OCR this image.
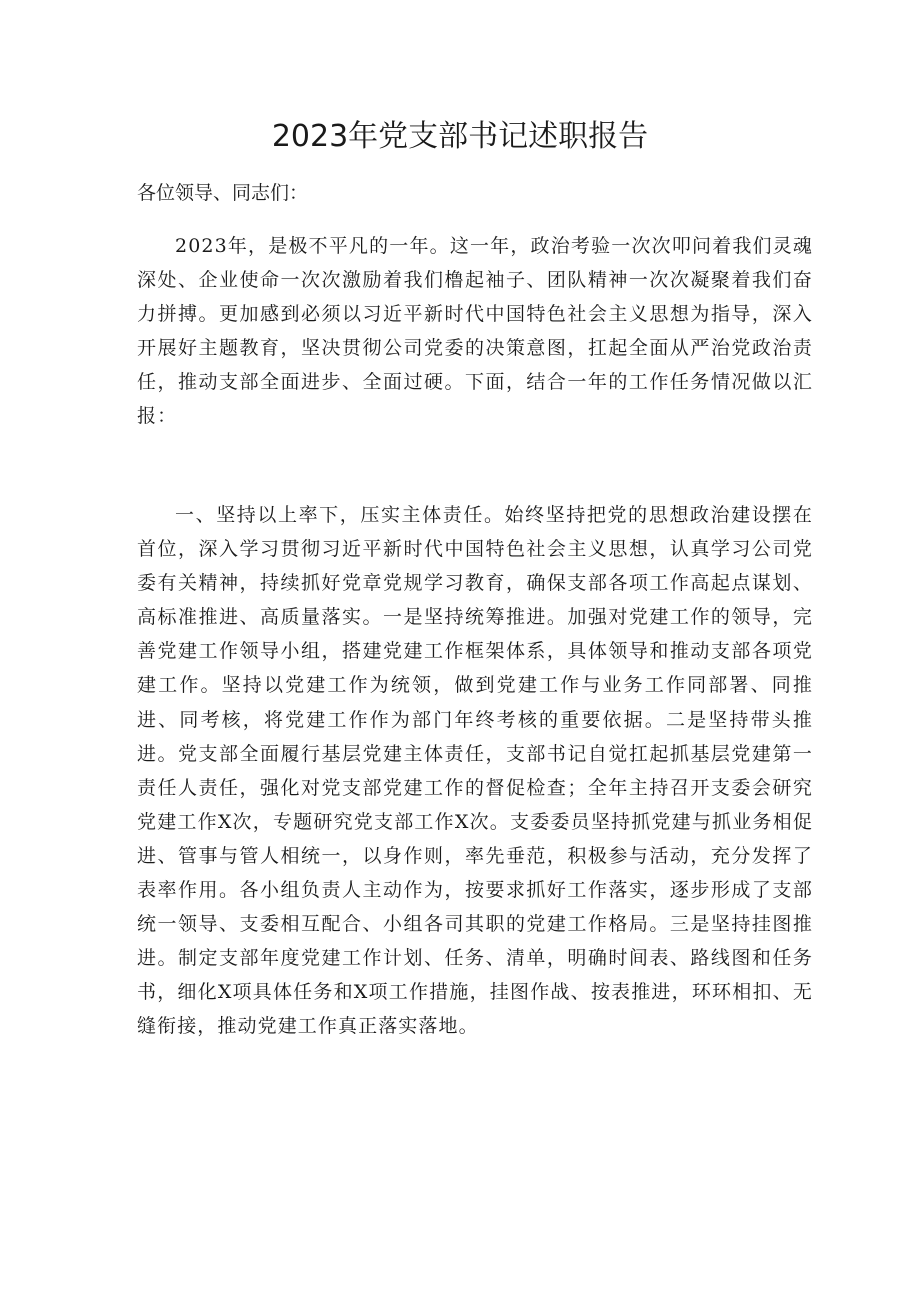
2023年党支部书记述职报告

各位领导、同志们：

2023年，是极不平凡的一年。这一年，政治考验一次次叩问着我们灵魂深处、企业使命一次次激励着我们橹起袖子、团队精神一次次凝聚着我们奋力拼搏。更加感到必须以习近平新时代中国特色社会主义思想为指导，深入开展好主题教育，坚决贯彻公司党委的决策意图，扛起全面从严治党政治责任，推动支部全面进步、全面过硬。下面，结合一年的工作任务情况做以汇报：

一、坚持以上率下，压实主体责任。始终坚持把党的思想政治建设摆在首位，深入学习贯彻习近平新时代中国特色社会主义思想，认真学习公司党委有关精神，持续抓好党章党规学习教育，确保支部各项工作高起点谋划、高标准推进、高质量落实。一是坚持统筹推进。加强对党建工作的领导，完善党建工作领导小组，搭建党建工作框架体系，具体领导和推动支部各项党建工作。坚持以党建工作为统领，做到党建工作与业务工作同部署、同推进、同考核，将党建工作作为部门年终考核的重要依据。二是坚持带头推进。党支部全面履行基层党建主体责任，支部书记自觉扛起抓基层党建第一责任人责任，强化对党支部党建工作的督促检查；全年主持召开支委会研究党建工作X次，专题研究党支部工作X次。支委委员坚持抓党建与抓业务相促进、管事与管人相统一，以身作则，率先垂范，积极参与活动，充分发挥了表率作用。各小组负责人主动作为，按要求抓好工作落实，逐步形成了支部统一领导、支委相互配合、小组各司其职的党建工作格局。三是坚持挂图推进。制定支部年度党建工作计划、任务、清单，明确时间表、路线图和任务书，细化X项具体任务和X项工作措施，挂图作战、按表推进，环环相扣、无缝衔接，推动党建工作真正落实落地。
